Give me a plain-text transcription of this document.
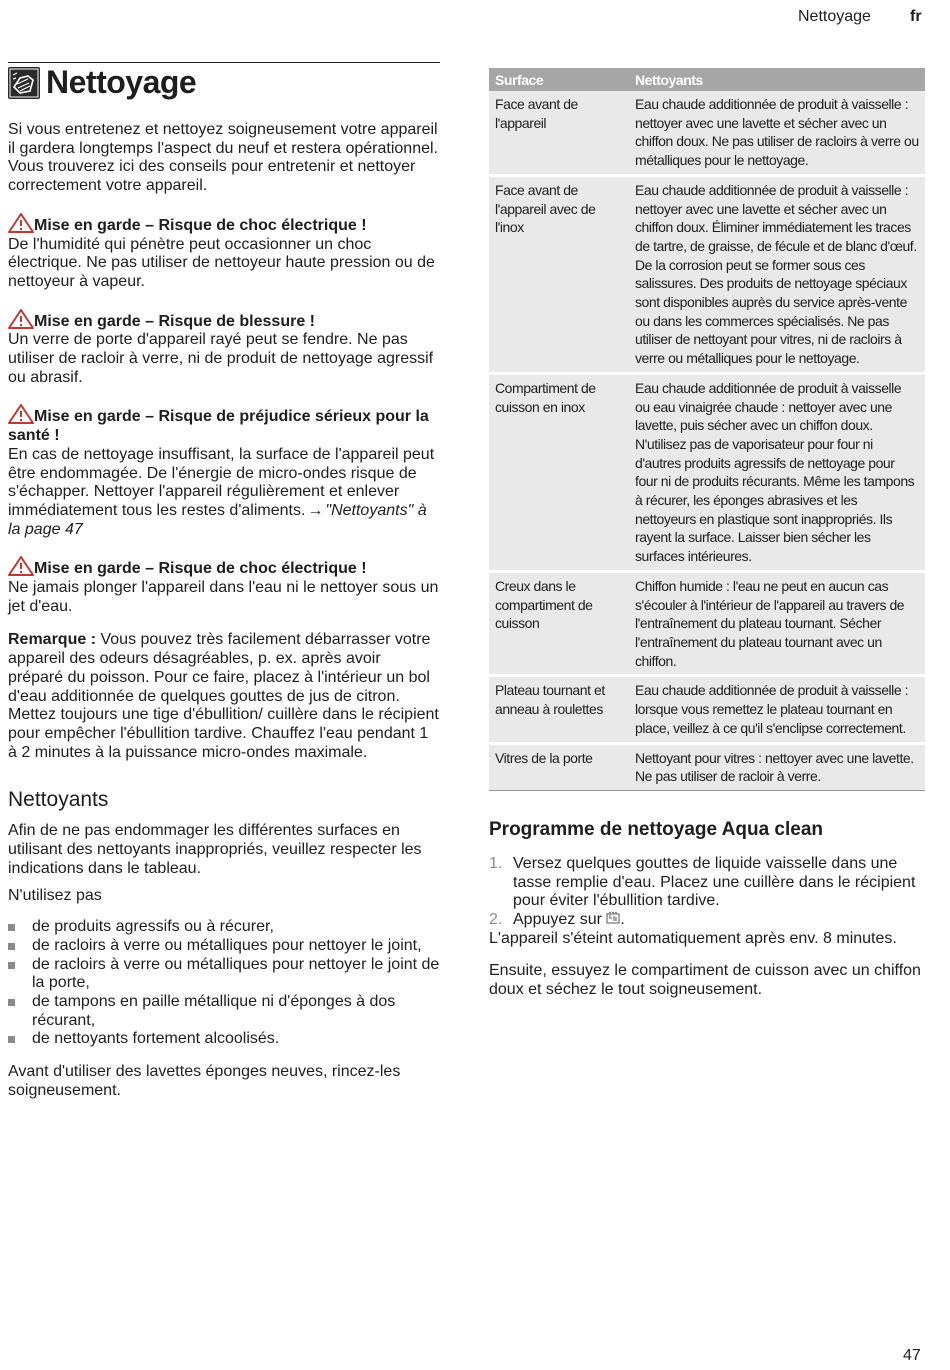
Nettoyage fr
Nettoyage

Si vous entretenez et nettoyez soigneusement votre appareil il gardera longtemps l'aspect du neuf et restera opérationnel. Vous trouverez ici des conseils pour entretenir et nettoyer correctement votre appareil.

Mise en garde – Risque de choc électrique !

De l'humidité qui pénètre peut occasionner un choc électrique. Ne pas utiliser de nettoyeur haute pression ou de nettoyeur à vapeur.

Mise en garde – Risque de blessure !

Un verre de porte d'appareil rayé peut se fendre. Ne pas utiliser de racloir à verre, ni de produit de nettoyage agressif ou abrasif.

Mise en garde – Risque de préjudice sérieux pour la santé !

En cas de nettoyage insuffisant, la surface de l'appareil peut être endommagée. De l'énergie de micro-ondes risque de s'échapper. Nettoyer l'appareil régulièrement et enlever immédiatement tous les restes d'aliments. → "Nettoyants" à la page 47

Mise en garde – Risque de choc électrique !

Ne jamais plonger l'appareil dans l'eau ni le nettoyer sous un jet d'eau.

Remarque : Vous pouvez très facilement débarrasser votre appareil des odeurs désagréables, p. ex. après avoir préparé du poisson. Pour ce faire, placez à l'intérieur un bol d'eau additionnée de quelques gouttes de jus de citron. Mettez toujours une tige d'ébullition/ cuillère dans le récipient pour empêcher l'ébullition tardive. Chauffez l'eau pendant 1 à 2 minutes à la puissance micro-ondes maximale.

Nettoyants

Afin de ne pas endommager les différentes surfaces en utilisant des nettoyants inappropriés, veuillez respecter les indications dans le tableau.

N'utilisez pas

de produits agressifs ou à récurer,
de racloirs à verre ou métalliques pour nettoyer le joint,
de racloirs à verre ou métalliques pour nettoyer le joint de la porte,
de tampons en paille métallique ni d'éponges à dos récurant,
de nettoyants fortement alcoolisés.

Avant d'utiliser des lavettes éponges neuves, rincez-les soigneusement.

Surface	Nettoyants
Face avant de l'appareil	Eau chaude additionnée de produit à vaisselle : nettoyer avec une lavette et sécher avec un chiffon doux. Ne pas utiliser de racloirs à verre ou métalliques pour le nettoyage.
Face avant de l'appareil avec de l'inox	Eau chaude additionnée de produit à vaisselle : nettoyer avec une lavette et sécher avec un chiffon doux. Éliminer immédiatement les traces de tartre, de graisse, de fécule et de blanc d'œuf. De la corrosion peut se former sous ces salissures. Des produits de nettoyage spéciaux sont disponibles auprès du service après-vente ou dans les commerces spécialisés. Ne pas utiliser de nettoyant pour vitres, ni de racloirs à verre ou métalliques pour le nettoyage.
Compartiment de cuisson en inox	Eau chaude additionnée de produit à vaisselle ou eau vinaigrée chaude : nettoyer avec une lavette, puis sécher avec un chiffon doux. N'utilisez pas de vaporisateur pour four ni d'autres produits agressifs de nettoyage pour four ni de produits récurants. Même les tampons à récurer, les éponges abrasives et les nettoyeurs en plastique sont inappropriés. Ils rayent la surface. Laisser bien sécher les surfaces intérieures.
Creux dans le compartiment de cuisson	Chiffon humide : l'eau ne peut en aucun cas s'écouler à l'intérieur de l'appareil au travers de l'entraînement du plateau tournant. Sécher l'entraînement du plateau tournant avec un chiffon.
Plateau tournant et anneau à roulettes	Eau chaude additionnée de produit à vaisselle : lorsque vous remettez le plateau tournant en place, veillez à ce qu'il s'enclipse correctement.
Vitres de la porte	Nettoyant pour vitres : nettoyer avec une lavette. Ne pas utiliser de racloir à verre.
Programme de nettoyage Aqua clean
1. Versez quelques gouttes de liquide vaisselle dans une tasse remplie d'eau. Placez une cuillère dans le récipient pour éviter l'ébullition tardive.
2. Appuyez sur .

L'appareil s'éteint automatiquement après env. 8 minutes.

Ensuite, essuyez le compartiment de cuisson avec un chiffon doux et séchez le tout soigneusement.

47
